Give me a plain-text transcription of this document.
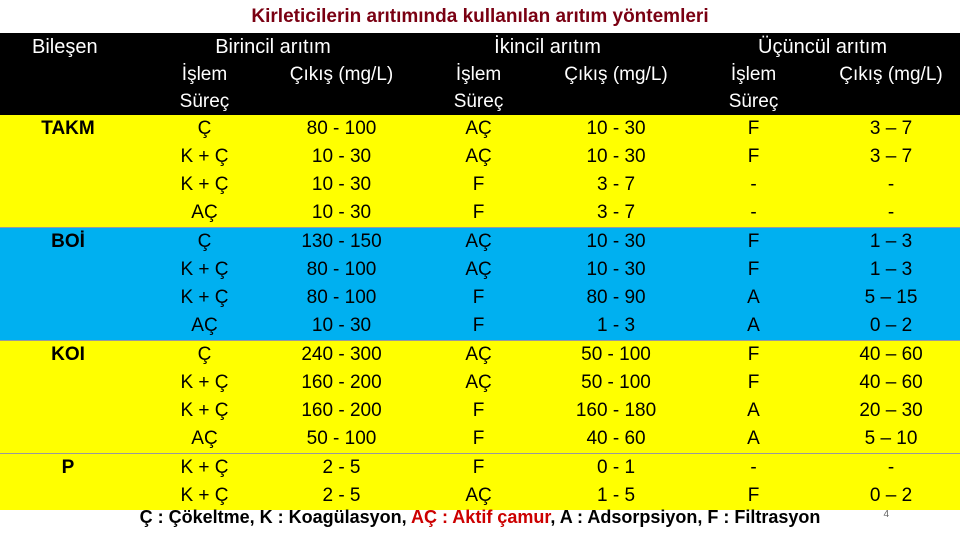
Kirleticilerin arıtımında kullanılan arıtım yöntemleri
Bileşen	Birincil arıtım		İkincil arıtım		Üçüncül arıtım	
	İşlem	Çıkış (mg/L)	İşlem	Çıkış (mg/L)	İşlem	Çıkış (mg/L)
	Süreç		Süreç		Süreç	
TAKM	Ç	80 - 100	AÇ	10 - 30	F	3 – 7
	K + Ç	10 - 30	AÇ	10 - 30	F	3 – 7
	K + Ç	10 - 30	F	3 - 7	-	-
	AÇ	10 - 30	F	3 - 7	-	-
BOİ	Ç	130 - 150	AÇ	10 - 30	F	1 – 3
	K + Ç	80 - 100	AÇ	10 - 30	F	1 – 3
	K + Ç	80 - 100	F	80 - 90	A	5 – 15
	AÇ	10 - 30	F	1 - 3	A	0 – 2
KOI	Ç	240 - 300	AÇ	50 - 100	F	40 – 60
	K + Ç	160 - 200	AÇ	50 - 100	F	40 – 60
	K + Ç	160 - 200	F	160 - 180	A	20 – 30
	AÇ	50 - 100	F	40 - 60	A	5 – 10
P	K + Ç	2 - 5	F	0 - 1	-	-
	K + Ç	2 - 5	AÇ	1 - 5	F	0 – 2
Ç : Çökeltme, K : Koagülasyon, AÇ : Aktif çamur, A : Adsorpsiyon, F : Filtrasyon	4
